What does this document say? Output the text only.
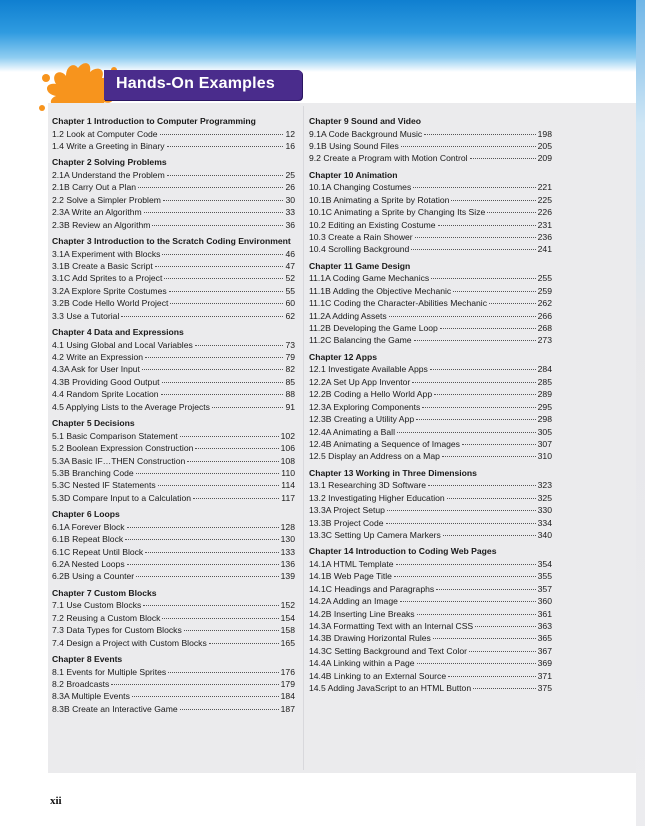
Hands-On Examples
Chapter 1 Introduction to Computer Programming
1.2 Look at Computer Code	12
1.4 Write a Greeting in Binary	16
Chapter 2 Solving Problems
2.1A Understand the Problem	25
2.1B Carry Out a Plan	26
2.2 Solve a Simpler Problem	30
2.3A Write an Algorithm	33
2.3B Review an Algorithm	36
Chapter 3 Introduction to the Scratch Coding Environment
3.1A Experiment with Blocks	46
3.1B Create a Basic Script	47
3.1C Add Sprites to a Project	52
3.2A Explore Sprite Costumes	55
3.2B Code Hello World Project	60
3.3 Use a Tutorial	62
Chapter 4 Data and Expressions
4.1 Using Global and Local Variables	73
4.2 Write an Expression	79
4.3A Ask for User Input	82
4.3B Providing Good Output	85
4.4 Random Sprite Location	88
4.5 Applying Lists to the Average Projects	91
Chapter 5 Decisions
5.1 Basic Comparison Statement	102
5.2 Boolean Expression Construction	106
5.3A Basic IF…THEN Construction	108
5.3B Branching Code	110
5.3C Nested IF Statements	114
5.3D Compare Input to a Calculation	117
Chapter 6 Loops
6.1A Forever Block	128
6.1B Repeat Block	130
6.1C Repeat Until Block	133
6.2A Nested Loops	136
6.2B Using a Counter	139
Chapter 7 Custom Blocks
7.1 Use Custom Blocks	152
7.2 Reusing a Custom Block	154
7.3 Data Types for Custom Blocks	158
7.4 Design a Project with Custom Blocks	165
Chapter 8 Events
8.1 Events for Multiple Sprites	176
8.2 Broadcasts	179
8.3A Multiple Events	184
8.3B Create an Interactive Game	187
Chapter 9 Sound and Video
9.1A Code Background Music	198
9.1B Using Sound Files	205
9.2 Create a Program with Motion Control	209
Chapter 10 Animation
10.1A Changing Costumes	221
10.1B Animating a Sprite by Rotation	225
10.1C Animating a Sprite by Changing Its Size	226
10.2 Editing an Existing Costume	231
10.3 Create a Rain Shower	236
10.4 Scrolling Background	241
Chapter 11 Game Design
11.1A Coding Game Mechanics	255
11.1B Adding the Objective Mechanic	259
11.1C Coding the Character-Abilities Mechanic	262
11.2A Adding Assets	266
11.2B Developing the Game Loop	268
11.2C Balancing the Game	273
Chapter 12 Apps
12.1 Investigate Available Apps	284
12.2A Set Up App Inventor	285
12.2B Coding a Hello World App	289
12.3A Exploring Components	295
12.3B Creating a Utility App	298
12.4A Animating a Ball	305
12.4B Animating a Sequence of Images	307
12.5 Display an Address on a Map	310
Chapter 13 Working in Three Dimensions
13.1 Researching 3D Software	323
13.2 Investigating Higher Education	325
13.3A Project Setup	330
13.3B Project Code	334
13.3C Setting Up Camera Markers	340
Chapter 14 Introduction to Coding Web Pages
14.1A HTML Template	354
14.1B Web Page Title	355
14.1C Headings and Paragraphs	357
14.2A Adding an Image	360
14.2B Inserting Line Breaks	361
14.3A Formatting Text with an Internal CSS	363
14.3B Drawing Horizontal Rules	365
14.3C Setting Background and Text Color	367
14.4A Linking within a Page	369
14.4B Linking to an External Source	371
14.5 Adding JavaScript to an HTML Button	375
xii
